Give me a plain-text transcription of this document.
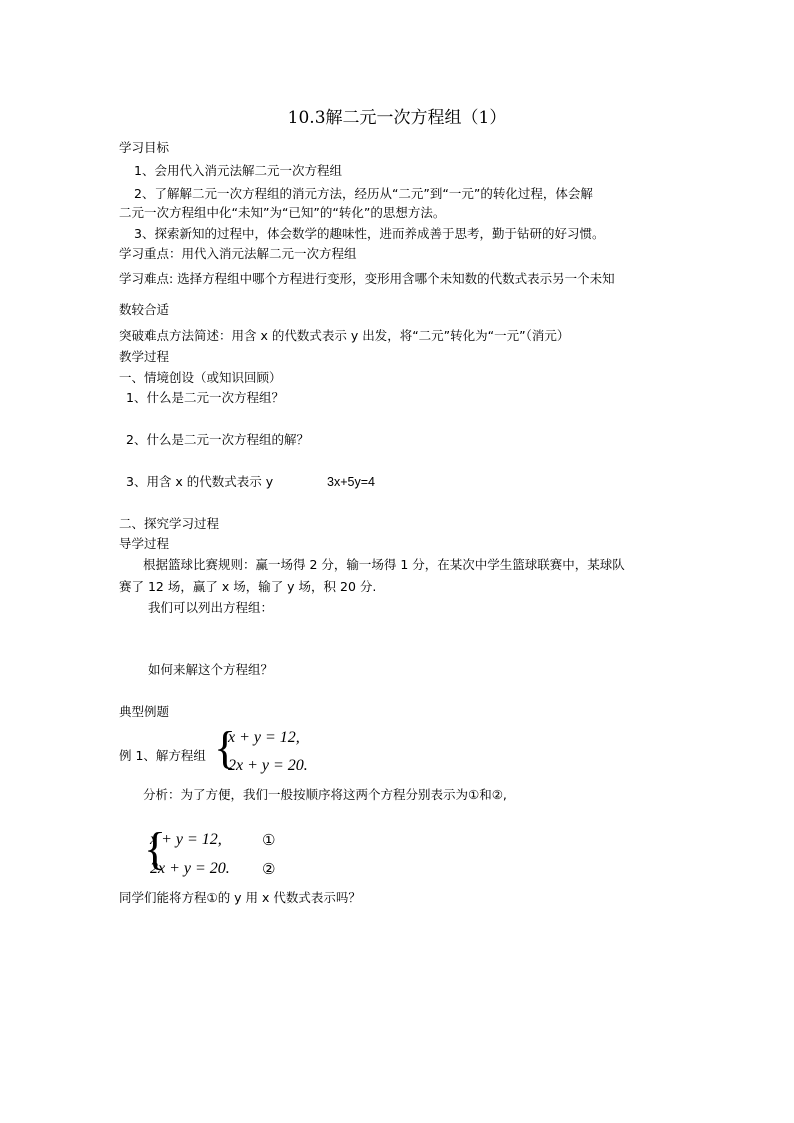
10.3解二元一次方程组（1）
学习目标
1、会用代入消元法解二元一次方程组
2、了解解二元一次方程组的消元方法，经历从“二元”到“一元”的转化过程，体会解
二元一次方程组中化“未知”为“已知”的“转化”的思想方法。
3、探索新知的过程中，体会数学的趣味性，进而养成善于思考，勤于钻研的好习惯。
学习重点：用代入消元法解二元一次方程组
学习难点: 选择方程组中哪个方程进行变形，变形用含哪个未知数的代数式表示另一个未知
数较合适
突破难点方法简述：用含 x 的代数式表示 y 出发，将“二元”转化为“一元”（消元）
教学过程
一、情境创设（或知识回顾）
1、什么是二元一次方程组？
2、什么是二元一次方程组的解？
3、用含 x 的代数式表示 y	3x+5y=4
二、探究学习过程
导学过程
根据篮球比赛规则：赢一场得 2 分，输一场得 1 分，在某次中学生篮球联赛中，某球队
赛了 12 场，赢了 x 场，输了 y 场，积 20 分.
我们可以列出方程组：
如何来解这个方程组？
典型例题
例 1、解方程组 {
x + y = 12,
2x + y = 20.
分析：为了方便，我们一般按顺序将这两个方程分别表示为①和②,
{
x + y = 12,
2x + y = 20.
①
②
同学们能将方程①的 y 用 x 代数式表示吗？
